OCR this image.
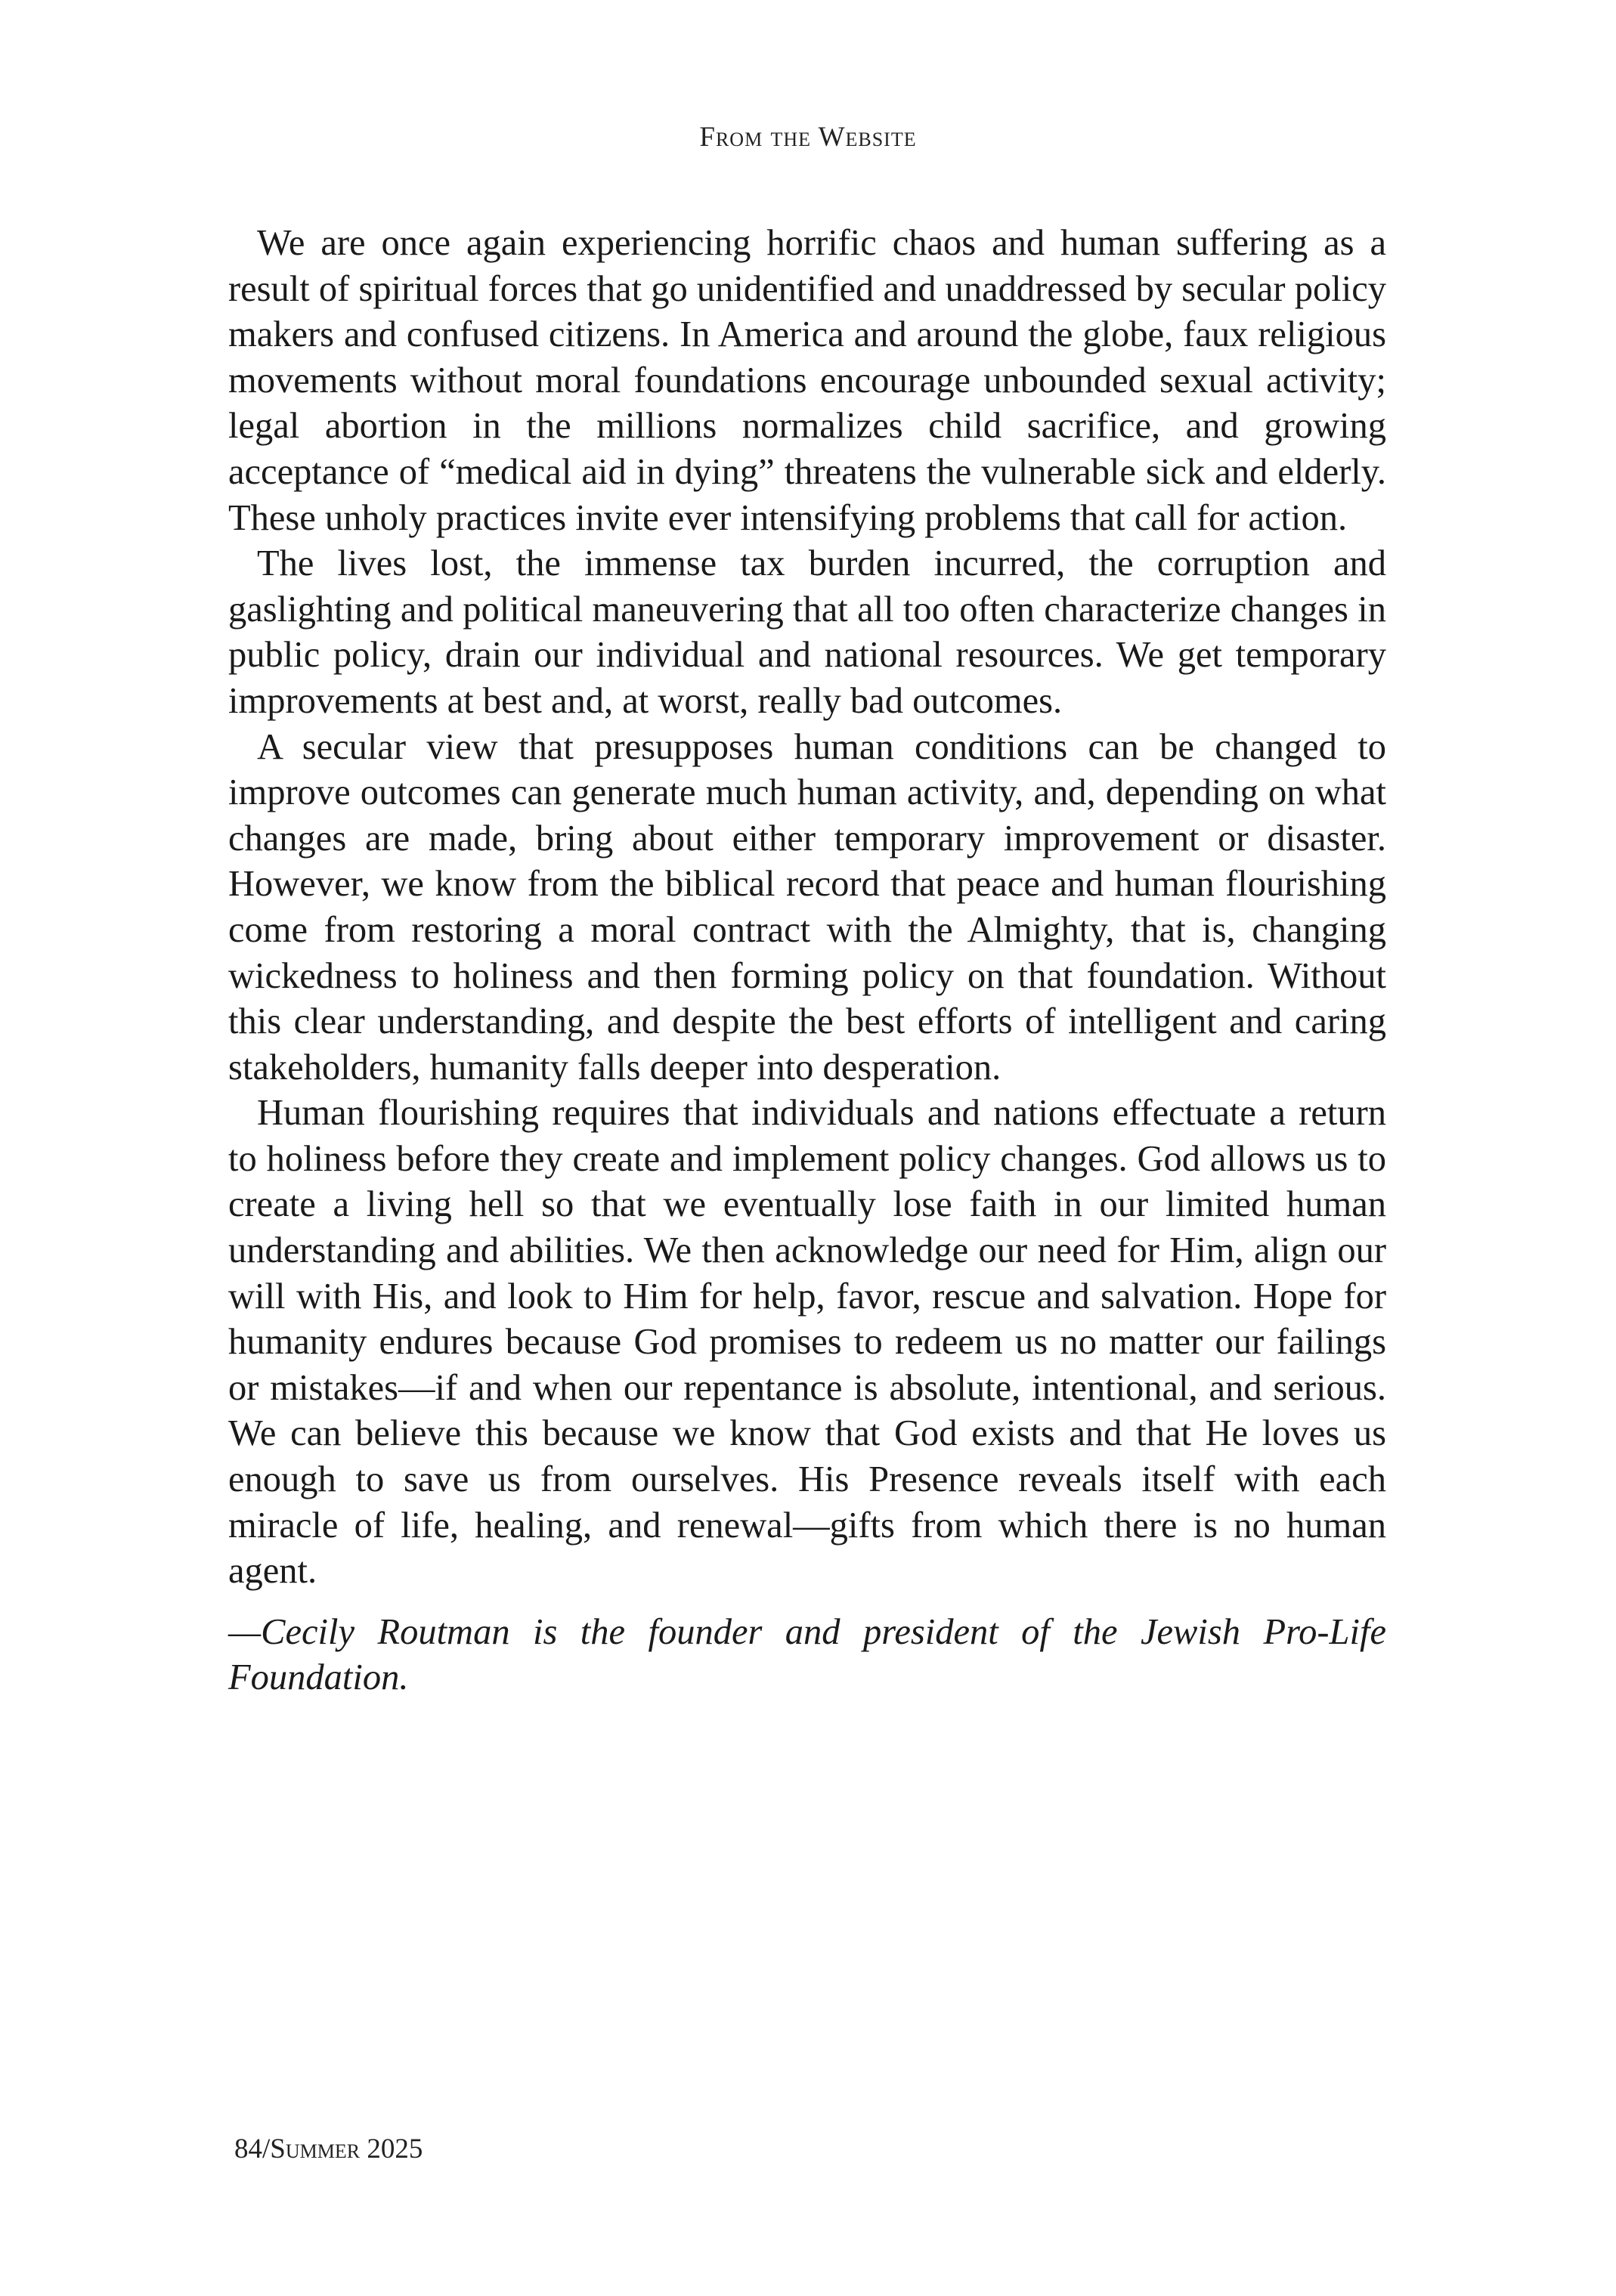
From the Website

We are once again experiencing horrific chaos and human suffering as a result of spiritual forces that go unidentified and unaddressed by secular policy makers and confused citizens. In America and around the globe, faux religious movements without moral foundations encourage unbounded sexual activity; legal abortion in the millions normalizes child sacrifice, and growing acceptance of “medical aid in dying” threatens the vulnerable sick and elderly. These unholy practices invite ever intensifying problems that call for action.

The lives lost, the immense tax burden incurred, the corruption and gaslighting and political maneuvering that all too often characterize changes in public policy, drain our individual and national resources. We get temporary improvements at best and, at worst, really bad outcomes.

A secular view that presupposes human conditions can be changed to improve outcomes can generate much human activity, and, depending on what changes are made, bring about either temporary improvement or disaster. However, we know from the biblical record that peace and human flourishing come from restoring a moral contract with the Almighty, that is, changing wickedness to holiness and then forming policy on that foundation. Without this clear understanding, and despite the best efforts of intelligent and caring stakeholders, humanity falls deeper into desperation.

Human flourishing requires that individuals and nations effectuate a return to holiness before they create and implement policy changes. God allows us to create a living hell so that we eventually lose faith in our limited human understanding and abilities. We then acknowledge our need for Him, align our will with His, and look to Him for help, favor, rescue and salvation. Hope for humanity endures because God promises to redeem us no matter our failings or mistakes—if and when our repentance is absolute, intentional, and serious. We can believe this because we know that God exists and that He loves us enough to save us from ourselves. His Presence reveals itself with each miracle of life, healing, and renewal—gifts from which there is no human agent.

—Cecily Routman is the founder and president of the Jewish Pro-Life Foundation.

84/Summer 2025
